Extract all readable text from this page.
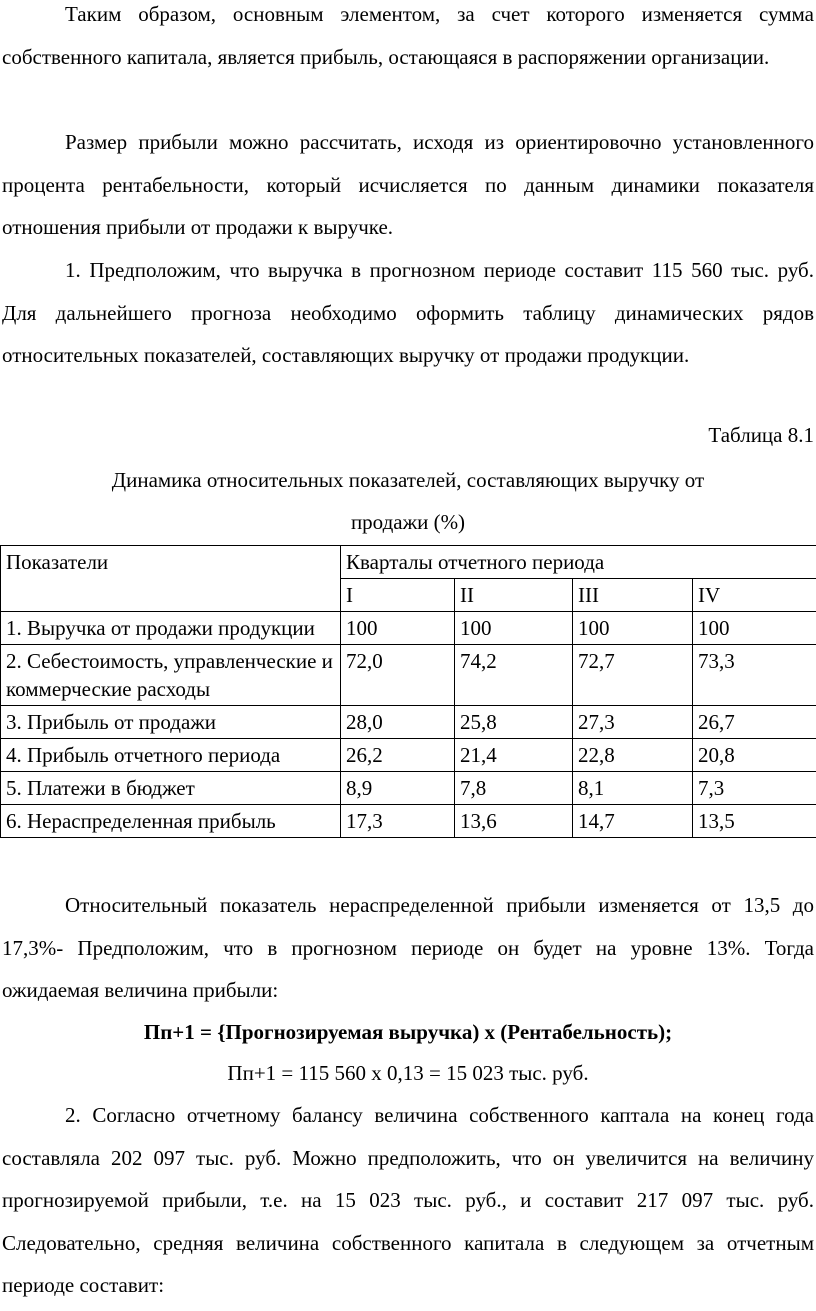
Таким образом, основным элементом, за счет которого изменяется сумма собственного капитала, является прибыль, остающаяся в распоряжении организации.

Размер прибыли можно рассчитать, исходя из ориентировочно установленного процента рентабельности, который исчисляется по данным динамики показателя отношения прибыли от продажи к выручке.

1. Предположим, что выручка в прогнозном периоде составит 115 560 тыс. руб. Для дальнейшего прогноза необходимо оформить таблицу динамических рядов относительных показателей, составляющих выручку от продажи продукции.

Таблица 8.1
Динамика относительных показателей, составляющих выручку от
продажи (%)
Показатели	Кварталы отчетного периода			
	I	II	III	IV
1. Выручка от продажи продукции	100	100	100	100
2. Себестоимость, управленческие и коммерческие расходы	72,0	74,2	72,7	73,3
3. Прибыль от продажи	28,0	25,8	27,3	26,7
4. Прибыль отчетного периода	26,2	21,4	22,8	20,8
5. Платежи в бюджет	8,9	7,8	8,1	7,3
6. Нераспределенная прибыль	17,3	13,6	14,7	13,5

Относительный показатель нераспределенной прибыли изменяется от 13,5 до 17,3%- Предположим, что в прогнозном периоде он будет на уровне 13%. Тогда ожидаемая величина прибыли:

Пп+1 = {Прогнозируемая выручка) х (Рентабельность);
Пп+1 = 115 560 х 0,13 = 15 023 тыс. руб.

2. Согласно отчетному балансу величина собственного каптала на конец года составляла 202 097 тыс. руб. Можно предположить, что он увеличится на величину прогнозируемой прибыли, т.е. на 15 023 тыс. руб., и составит 217 097 тыс. руб. Следовательно, средняя величина собственного капитала в следующем за отчетным периоде составит:
